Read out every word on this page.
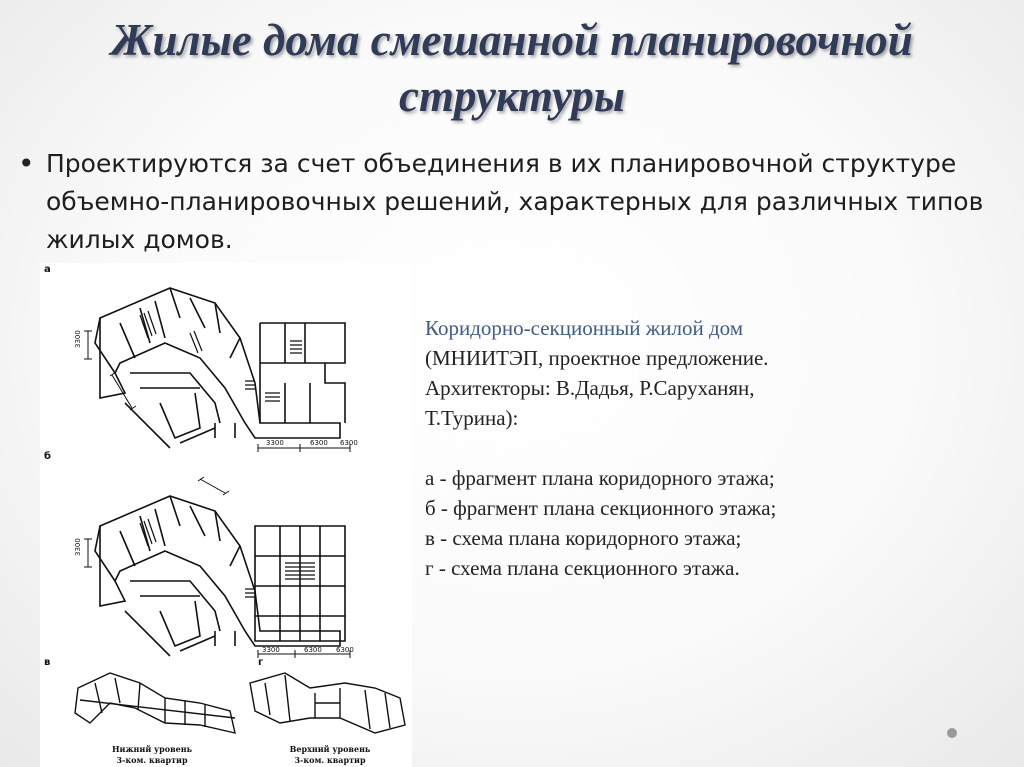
Жилые дома смешанной планировочной структуры
• Проектируются за счет объединения в их планировочной структуре объемно-планировочных решений, характерных для различных типов жилых домов.
а
б
в	г
3300	6300 6300
3300	6300 6300
3300
3300
Нижний уровень
3-ком. квартир
Верхний уровень
3-ком. квартир
Коридорно-секционный жилой дом
(МНИИТЭП, проектное предложение.
Архитекторы: В.Дадья, Р.Саруханян,
Т.Турина):
а - фрагмент плана коридорного этажа;
б - фрагмент плана секционного этажа;
в - схема плана коридорного этажа;
г - схема плана секционного этажа.
